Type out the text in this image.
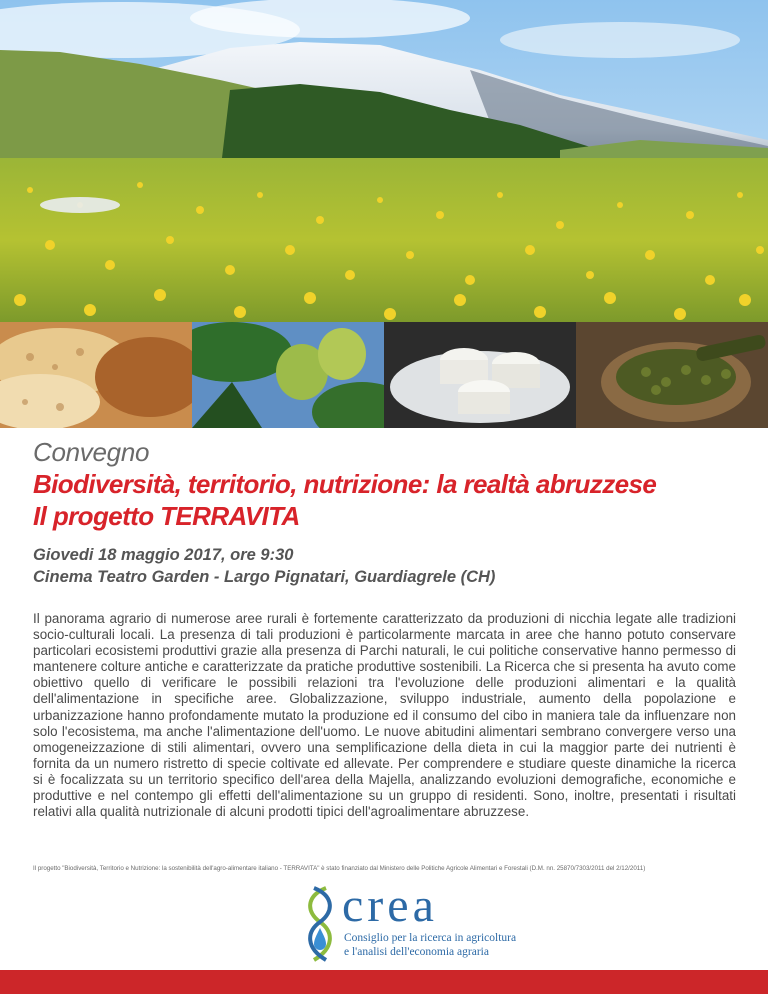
Convegno

Biodiversità, territorio, nutrizione: la realtà abruzzese

Il progetto TERRAVITA

Giovedi 18 maggio 2017, ore 9:30

Cinema Teatro Garden - Largo Pignatari, Guardiagrele (CH)

Il panorama agrario di numerose aree rurali è fortemente caratterizzato da produzioni di nicchia legate alle tradizioni socio-culturali locali. La presenza di tali produzioni è particolarmente marcata in aree che hanno potuto conservare particolari ecosistemi produttivi grazie alla presenza di Parchi naturali, le cui politiche conservative hanno permesso di mantenere colture antiche e caratterizzate da pratiche produttive sostenibili. La Ricerca che si presenta ha avuto come obiettivo quello di verificare le possibili relazioni tra l'evoluzione delle produzioni alimentari e la qualità dell'alimentazione in specifiche aree. Globalizzazione, sviluppo industriale, aumento della popolazione e urbanizzazione hanno profondamente mutato la produzione ed il consumo del cibo in maniera tale da influenzare non solo l'ecosistema, ma anche l'alimentazione dell'uomo. Le nuove abitudini alimentari sembrano convergere verso una omogeneizzazione di stili alimentari, ovvero una semplificazione della dieta in cui la maggior parte dei nutrienti è fornita da un numero ristretto di specie coltivate ed allevate. Per comprendere e studiare queste dinamiche la ricerca si è focalizzata su un territorio specifico dell'area della Majella, analizzando evoluzioni demografiche, economiche e produttive e nel contempo gli effetti dell'alimentazione su un gruppo di residenti. Sono, inoltre, presentati i risultati relativi alla qualità nutrizionale di alcuni prodotti tipici dell'agroalimentare abruzzese.

Il progetto "Biodiversità, Territorio e Nutrizione: la sostenibilità dell'agro-alimentare italiano - TERRAVITA" è stato finanziato dal Ministero delle Politiche Agricole Alimentari e Forestali (D.M. nn. 25870/7303/2011 del 2/12/2011)

crea
Consiglio per la ricerca in agricoltura
e l'analisi dell'economia agraria
